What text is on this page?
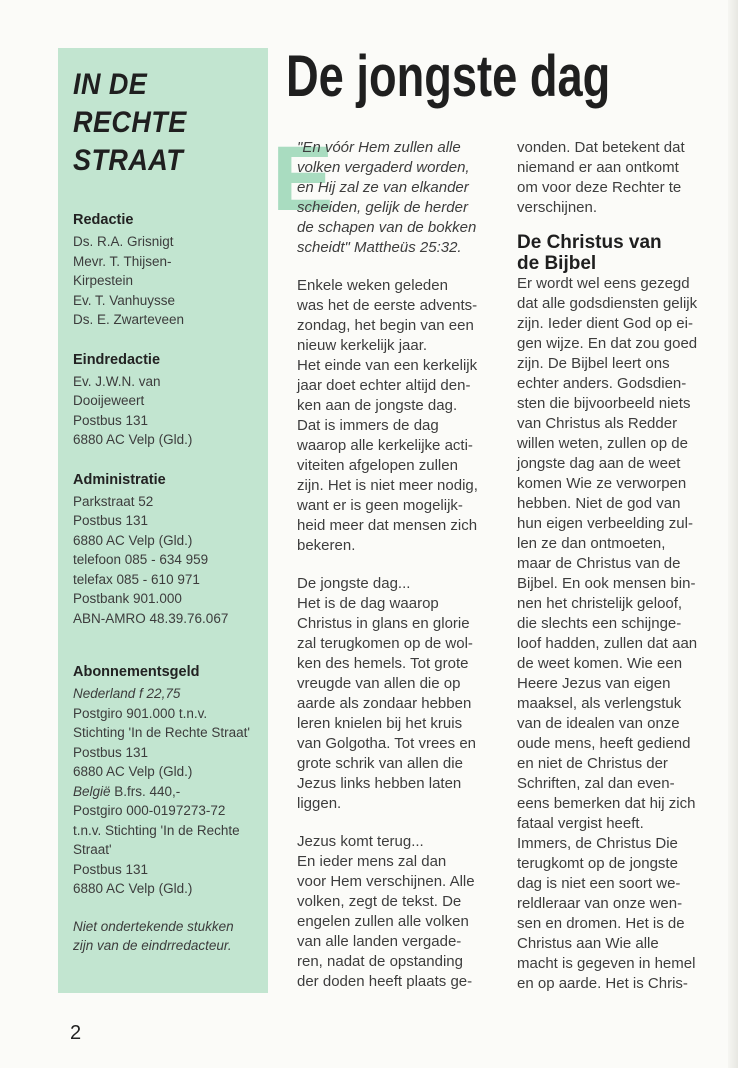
IN DE RECHTE
STRAAT
Redactie
Ds. R.A. Grisnigt
Mevr. T. Thijsen-
Kirpestein
Ev. T. Vanhuysse
Ds. E. Zwarteveen
Eindredactie
Ev. J.W.N. van
Dooijeweert
Postbus 131
6880 AC Velp (Gld.)
Administratie
Parkstraat 52
Postbus 131
6880 AC Velp (Gld.)
telefoon 085 - 634 959
telefax 085 - 610 971
Postbank 901.000
ABN-AMRO 48.39.76.067
Abonnementsgeld
Nederland f 22,75
Postgiro 901.000 t.n.v.
Stichting 'In de Rechte Straat'
Postbus 131
6880 AC Velp (Gld.)
België B.frs. 440,-
Postgiro 000-0197273-72
t.n.v. Stichting 'In de Rechte
Straat'
Postbus 131
6880 AC Velp (Gld.)
Niet ondertekende stukken zijn van de eindrredacteur.
De jongste dag
E
"En vóór Hem zullen alle
volken vergaderd worden,
en Hij zal ze van elkander
scheiden, gelijk de herder
de schapen van de bokken
scheidt" Mattheüs 25:32.
Enkele weken geleden
was het de eerste advents-
zondag, het begin van een
nieuw kerkelijk jaar.
Het einde van een kerkelijk
jaar doet echter altijd den-
ken aan de jongste dag.
Dat is immers de dag
waarop alle kerkelijke acti-
viteiten afgelopen zullen
zijn. Het is niet meer nodig,
want er is geen mogelijk-
heid meer dat mensen zich
bekeren.
De jongste dag...
Het is de dag waarop
Christus in glans en glorie
zal terugkomen op de wol-
ken des hemels. Tot grote
vreugde van allen die op
aarde als zondaar hebben
leren knielen bij het kruis
van Golgotha. Tot vrees en
grote schrik van allen die
Jezus links hebben laten
liggen.
Jezus komt terug...
En ieder mens zal dan
voor Hem verschijnen. Alle
volken, zegt de tekst. De
engelen zullen alle volken
van alle landen vergade-
ren, nadat de opstanding
der doden heeft plaats ge-
vonden. Dat betekent dat
niemand er aan ontkomt
om voor deze Rechter te
verschijnen.
De Christus van
de Bijbel
Er wordt wel eens gezegd
dat alle godsdiensten gelijk
zijn. Ieder dient God op ei-
gen wijze. En dat zou goed
zijn. De Bijbel leert ons
echter anders. Godsdien-
sten die bijvoorbeeld niets
van Christus als Redder
willen weten, zullen op de
jongste dag aan de weet
komen Wie ze verworpen
hebben. Niet de god van
hun eigen verbeelding zul-
len ze dan ontmoeten,
maar de Christus van de
Bijbel. En ook mensen bin-
nen het christelijk geloof,
die slechts een schijnge-
loof hadden, zullen dat aan
de weet komen. Wie een
Heere Jezus van eigen
maaksel, als verlengstuk
van de idealen van onze
oude mens, heeft gediend
en niet de Christus der
Schriften, zal dan even-
eens bemerken dat hij zich
fataal vergist heeft.
Immers, de Christus Die
terugkomt op de jongste
dag is niet een soort we-
reldleraar van onze wen-
sen en dromen. Het is de
Christus aan Wie alle
macht is gegeven in hemel
en op aarde. Het is Chris-
2
